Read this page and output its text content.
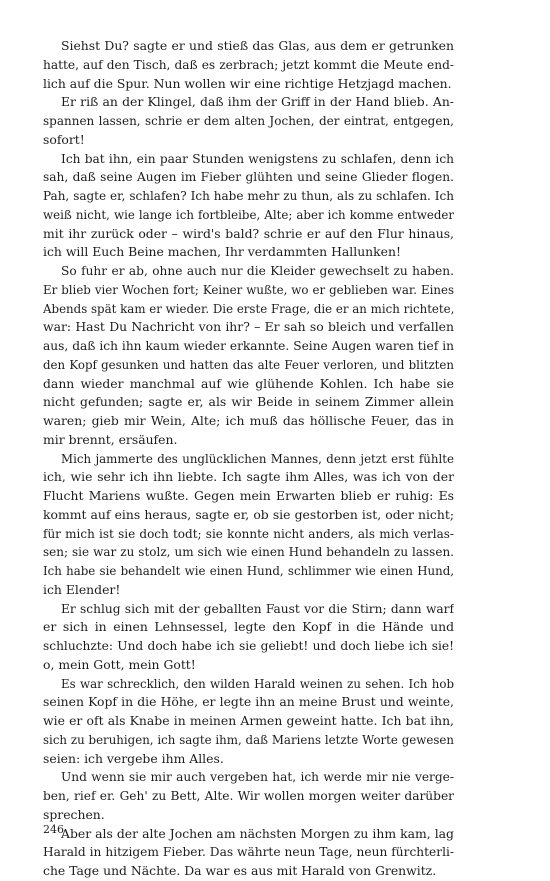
Siehst Du? sagte er und stieß das Glas, aus dem er getrunken
hatte, auf den Tisch, daß es zerbrach; jetzt kommt die Meute end-
lich auf die Spur. Nun wollen wir eine richtige Hetzjagd machen.
Er riß an der Klingel, daß ihm der Griff in der Hand blieb. An-
spannen lassen, schrie er dem alten Jochen, der eintrat, entgegen,
sofort!
Ich bat ihn, ein paar Stunden wenigstens zu schlafen, denn ich
sah, daß seine Augen im Fieber glühten und seine Glieder flogen.
Pah, sagte er, schlafen? Ich habe mehr zu thun, als zu schlafen. Ich
weiß nicht, wie lange ich fortbleibe, Alte; aber ich komme entweder
mit ihr zurück oder – wird's bald? schrie er auf den Flur hinaus,
ich will Euch Beine machen, Ihr verdammten Hallunken!
So fuhr er ab, ohne auch nur die Kleider gewechselt zu haben.
Er blieb vier Wochen fort; Keiner wußte, wo er geblieben war. Eines
Abends spät kam er wieder. Die erste Frage, die er an mich richtete,
war: Hast Du Nachricht von ihr? – Er sah so bleich und verfallen
aus, daß ich ihn kaum wieder erkannte. Seine Augen waren tief in
den Kopf gesunken und hatten das alte Feuer verloren, und blitzten
dann wieder manchmal auf wie glühende Kohlen. Ich habe sie
nicht gefunden; sagte er, als wir Beide in seinem Zimmer allein
waren; gieb mir Wein, Alte; ich muß das höllische Feuer, das in
mir brennt, ersäufen.
Mich jammerte des unglücklichen Mannes, denn jetzt erst fühlte
ich, wie sehr ich ihn liebte. Ich sagte ihm Alles, was ich von der
Flucht Mariens wußte. Gegen mein Erwarten blieb er ruhig: Es
kommt auf eins heraus, sagte er, ob sie gestorben ist, oder nicht;
für mich ist sie doch todt; sie konnte nicht anders, als mich verlas-
sen; sie war zu stolz, um sich wie einen Hund behandeln zu lassen.
Ich habe sie behandelt wie einen Hund, schlimmer wie einen Hund,
ich Elender!
Er schlug sich mit der geballten Faust vor die Stirn; dann warf
er sich in einen Lehnsessel, legte den Kopf in die Hände und
schluchzte: Und doch habe ich sie geliebt! und doch liebe ich sie!
o, mein Gott, mein Gott!
Es war schrecklich, den wilden Harald weinen zu sehen. Ich hob
seinen Kopf in die Höhe, er legte ihn an meine Brust und weinte,
wie er oft als Knabe in meinen Armen geweint hatte. Ich bat ihn,
sich zu beruhigen, ich sagte ihm, daß Mariens letzte Worte gewesen
seien: ich vergebe ihm Alles.
Und wenn sie mir auch vergeben hat, ich werde mir nie verge-
ben, rief er. Geh' zu Bett, Alte. Wir wollen morgen weiter darüber
sprechen.
Aber als der alte Jochen am nächsten Morgen zu ihm kam, lag
Harald in hitzigem Fieber. Das währte neun Tage, neun fürchterli-
che Tage und Nächte. Da war es aus mit Harald von Grenwitz.
246
